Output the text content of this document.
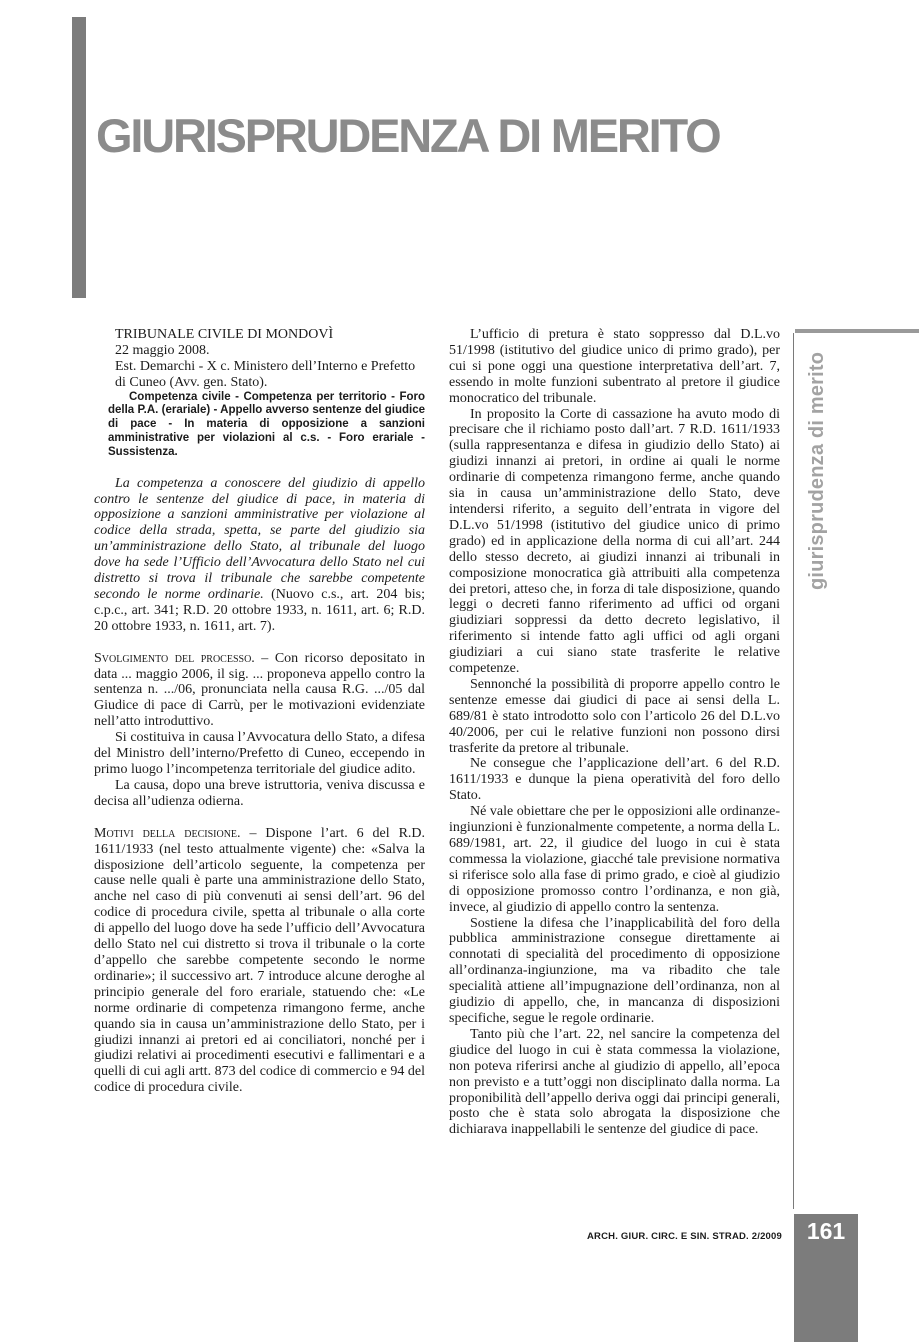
GIURISPRUDENZA DI MERITO
giurisprudenza di merito
ARCH. GIUR. CIRC. E SIN. STRAD. 2/2009	161

TRIBUNALE CIVILE DI MONDOVÌ

22 maggio 2008.

Est. Demarchi - X c. Ministero dell’Interno e Prefetto

di Cuneo (Avv. gen. Stato).

Competenza civile - Competenza per territorio - Foro della P.A. (erariale) - Appello avverso sentenze del giudice di pace - In materia di opposizione a sanzioni amministrative per violazioni al c.s. - Foro erariale - Sussistenza.

La competenza a conoscere del giudizio di appello contro le sentenze del giudice di pace, in materia di opposizione a sanzioni amministrative per violazione al codice della strada, spetta, se parte del giudizio sia un’amministrazione dello Stato, al tribunale del luogo dove ha sede l’Ufficio dell’Avvocatura dello Stato nel cui distretto si trova il tribunale che sarebbe competente secondo le norme ordinarie. (Nuovo c.s., art. 204 bis; c.p.c., art. 341; R.D. 20 ottobre 1933, n. 1611, art. 6; R.D. 20 ottobre 1933, n. 1611, art. 7).

Svolgimento del processo. – Con ricorso depositato in data ... maggio 2006, il sig. ... proponeva appello contro la sentenza n. .../06, pronunciata nella causa R.G. .../05 dal Giudice di pace di Carrù, per le motivazioni evidenziate nell’atto introduttivo.

Si costituiva in causa l’Avvocatura dello Stato, a difesa del Ministro dell’interno/Prefetto di Cuneo, eccependo in primo luogo l’incompetenza territoriale del giudice adito.

La causa, dopo una breve istruttoria, veniva discussa e decisa all’udienza odierna.

Motivi della decisione. – Dispone l’art. 6 del R.D. 1611/1933 (nel testo attualmente vigente) che: «Salva la disposizione dell’articolo seguente, la competenza per cause nelle quali è parte una amministrazione dello Stato, anche nel caso di più convenuti ai sensi dell’art. 96 del codice di procedura civile, spetta al tribunale o alla corte di appello del luogo dove ha sede l’ufficio dell’Avvocatura dello Stato nel cui distretto si trova il tribunale o la corte d’appello che sarebbe competente secondo le norme ordinarie»; il successivo art. 7 introduce alcune deroghe al principio generale del foro erariale, statuendo che: «Le norme ordinarie di competenza rimangono ferme, anche quando sia in causa un’amministrazione dello Stato, per i giudizi innanzi ai pretori ed ai conciliatori, nonché per i giudizi relativi ai procedimenti esecutivi e fallimentari e a quelli di cui agli artt. 873 del codice di commercio e 94 del codice di procedura civile.

L’ufficio di pretura è stato soppresso dal D.L.vo 51/1998 (istitutivo del giudice unico di primo grado), per cui si pone oggi una questione interpretativa dell’art. 7, essendo in molte funzioni subentrato al pretore il giudice monocratico del tribunale.

In proposito la Corte di cassazione ha avuto modo di precisare che il richiamo posto dall’art. 7 R.D. 1611/1933 (sulla rappresentanza e difesa in giudizio dello Stato) ai giudizi innanzi ai pretori, in ordine ai quali le norme ordinarie di competenza rimangono ferme, anche quando sia in causa un’amministrazione dello Stato, deve intendersi riferito, a seguito dell’entrata in vigore del D.L.vo 51/1998 (istitutivo del giudice unico di primo grado) ed in applicazione della norma di cui all’art. 244 dello stesso decreto, ai giudizi innanzi ai tribunali in composizione monocratica già attribuiti alla competenza dei pretori, atteso che, in forza di tale disposizione, quando leggi o decreti fanno riferimento ad uffici od organi giudiziari soppressi da detto decreto legislativo, il riferimento si intende fatto agli uffici od agli organi giudiziari a cui siano state trasferite le relative competenze.

Sennonché la possibilità di proporre appello contro le sentenze emesse dai giudici di pace ai sensi della L. 689/81 è stato introdotto solo con l’articolo 26 del D.L.vo 40/2006, per cui le relative funzioni non possono dirsi trasferite da pretore al tribunale.

Ne consegue che l’applicazione dell’art. 6 del R.D. 1611/1933 e dunque la piena operatività del foro dello Stato.

Né vale obiettare che per le opposizioni alle ordinanze-ingiunzioni è funzionalmente competente, a norma della L. 689/1981, art. 22, il giudice del luogo in cui è stata commessa la violazione, giacché tale previsione normativa si riferisce solo alla fase di primo grado, e cioè al giudizio di opposizione promosso contro l’ordinanza, e non già, invece, al giudizio di appello contro la sentenza.

Sostiene la difesa che l’inapplicabilità del foro della pubblica amministrazione consegue direttamente ai connotati di specialità del procedimento di opposizione all’ordinanza-ingiunzione, ma va ribadito che tale specialità attiene all’impugnazione dell’ordinanza, non al giudizio di appello, che, in mancanza di disposizioni specifiche, segue le regole ordinarie.

Tanto più che l’art. 22, nel sancire la competenza del giudice del luogo in cui è stata commessa la violazione, non poteva riferirsi anche al giudizio di appello, all’epoca non previsto e a tutt’oggi non disciplinato dalla norma. La proponibilità dell’appello deriva oggi dai principi generali, posto che è stata solo abrogata la disposizione che dichiarava inappellabili le sentenze del giudice di pace.
